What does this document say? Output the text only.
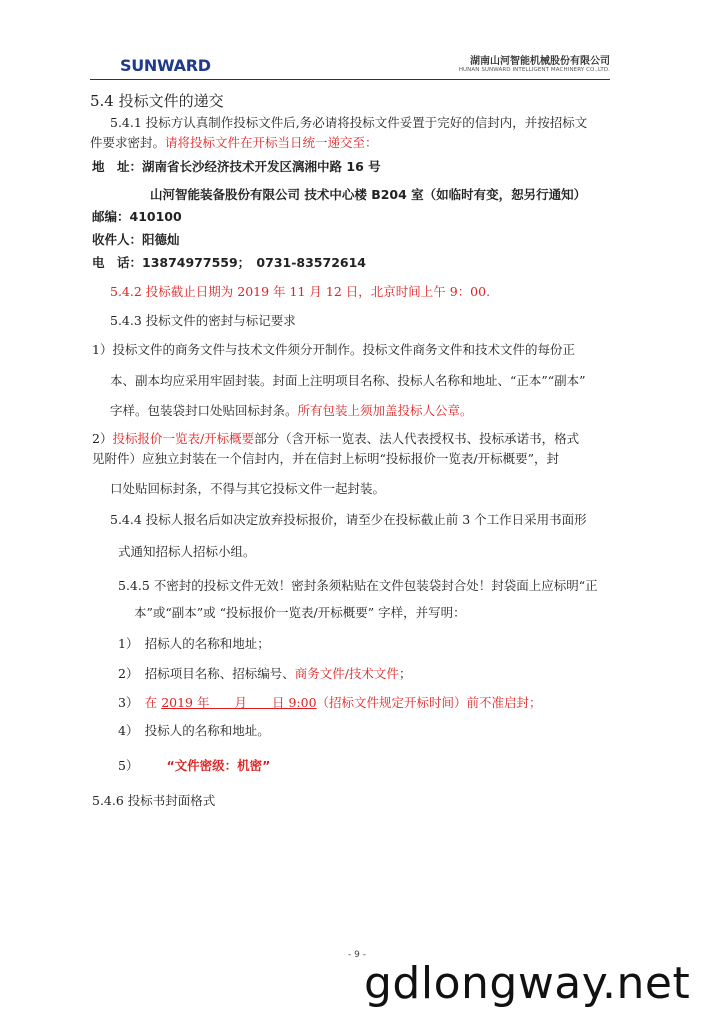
SUNWARD	湖南山河智能机械股份有限公司
HUNAN SUNWARD INTELLIGENT MACHINERY CO.,LTD.
5.4 投标文件的递交
5.4.1 投标方认真制作投标文件后,务必请将投标文件妥置于完好的信封内，并按招标文
件要求密封。请将投标文件在开标当日统一递交至：
地　址：湖南省长沙经济技术开发区漓湘中路 16 号
山河智能装备股份有限公司 技术中心楼 B204 室（如临时有变，恕另行通知）
邮编：410100
收件人：阳德灿
电　话：13874977559；　0731-83572614
5.4.2 投标截止日期为 2019 年 11 月 12 日，北京时间上午 9：00.
5.4.3 投标文件的密封与标记要求
1）投标文件的商务文件与技术文件须分开制作。投标文件商务文件和技术文件的每份正
本、副本均应采用牢固封装。封面上注明项目名称、投标人名称和地址、“正本”“副本”
字样。包装袋封口处贴回标封条。所有包装上须加盖投标人公章。
2）投标报价一览表/开标概要部分（含开标一览表、法人代表授权书、投标承诺书，格式
见附件）应独立封装在一个信封内，并在信封上标明“投标报价一览表/开标概要”，封
口处贴回标封条，不得与其它投标文件一起封装。
5.4.4 投标人报名后如决定放弃投标报价，请至少在投标截止前 3 个工作日采用书面形
式通知招标人招标小组。
5.4.5 不密封的投标文件无效！密封条须粘贴在文件包装袋封合处！封袋面上应标明“正
本”或“副本”或 “投标报价一览表/开标概要” 字样，并写明：
1）　招标人的名称和地址；
2）　招标项目名称、招标编号、商务文件/技术文件；
3）　在 2019 年　　月　　日 9:00（招标文件规定开标时间）前不准启封；
4）　投标人的名称和地址。
5） “文件密级：机密”
5.4.6 投标书封面格式
- 9 -
gdlongway.net
